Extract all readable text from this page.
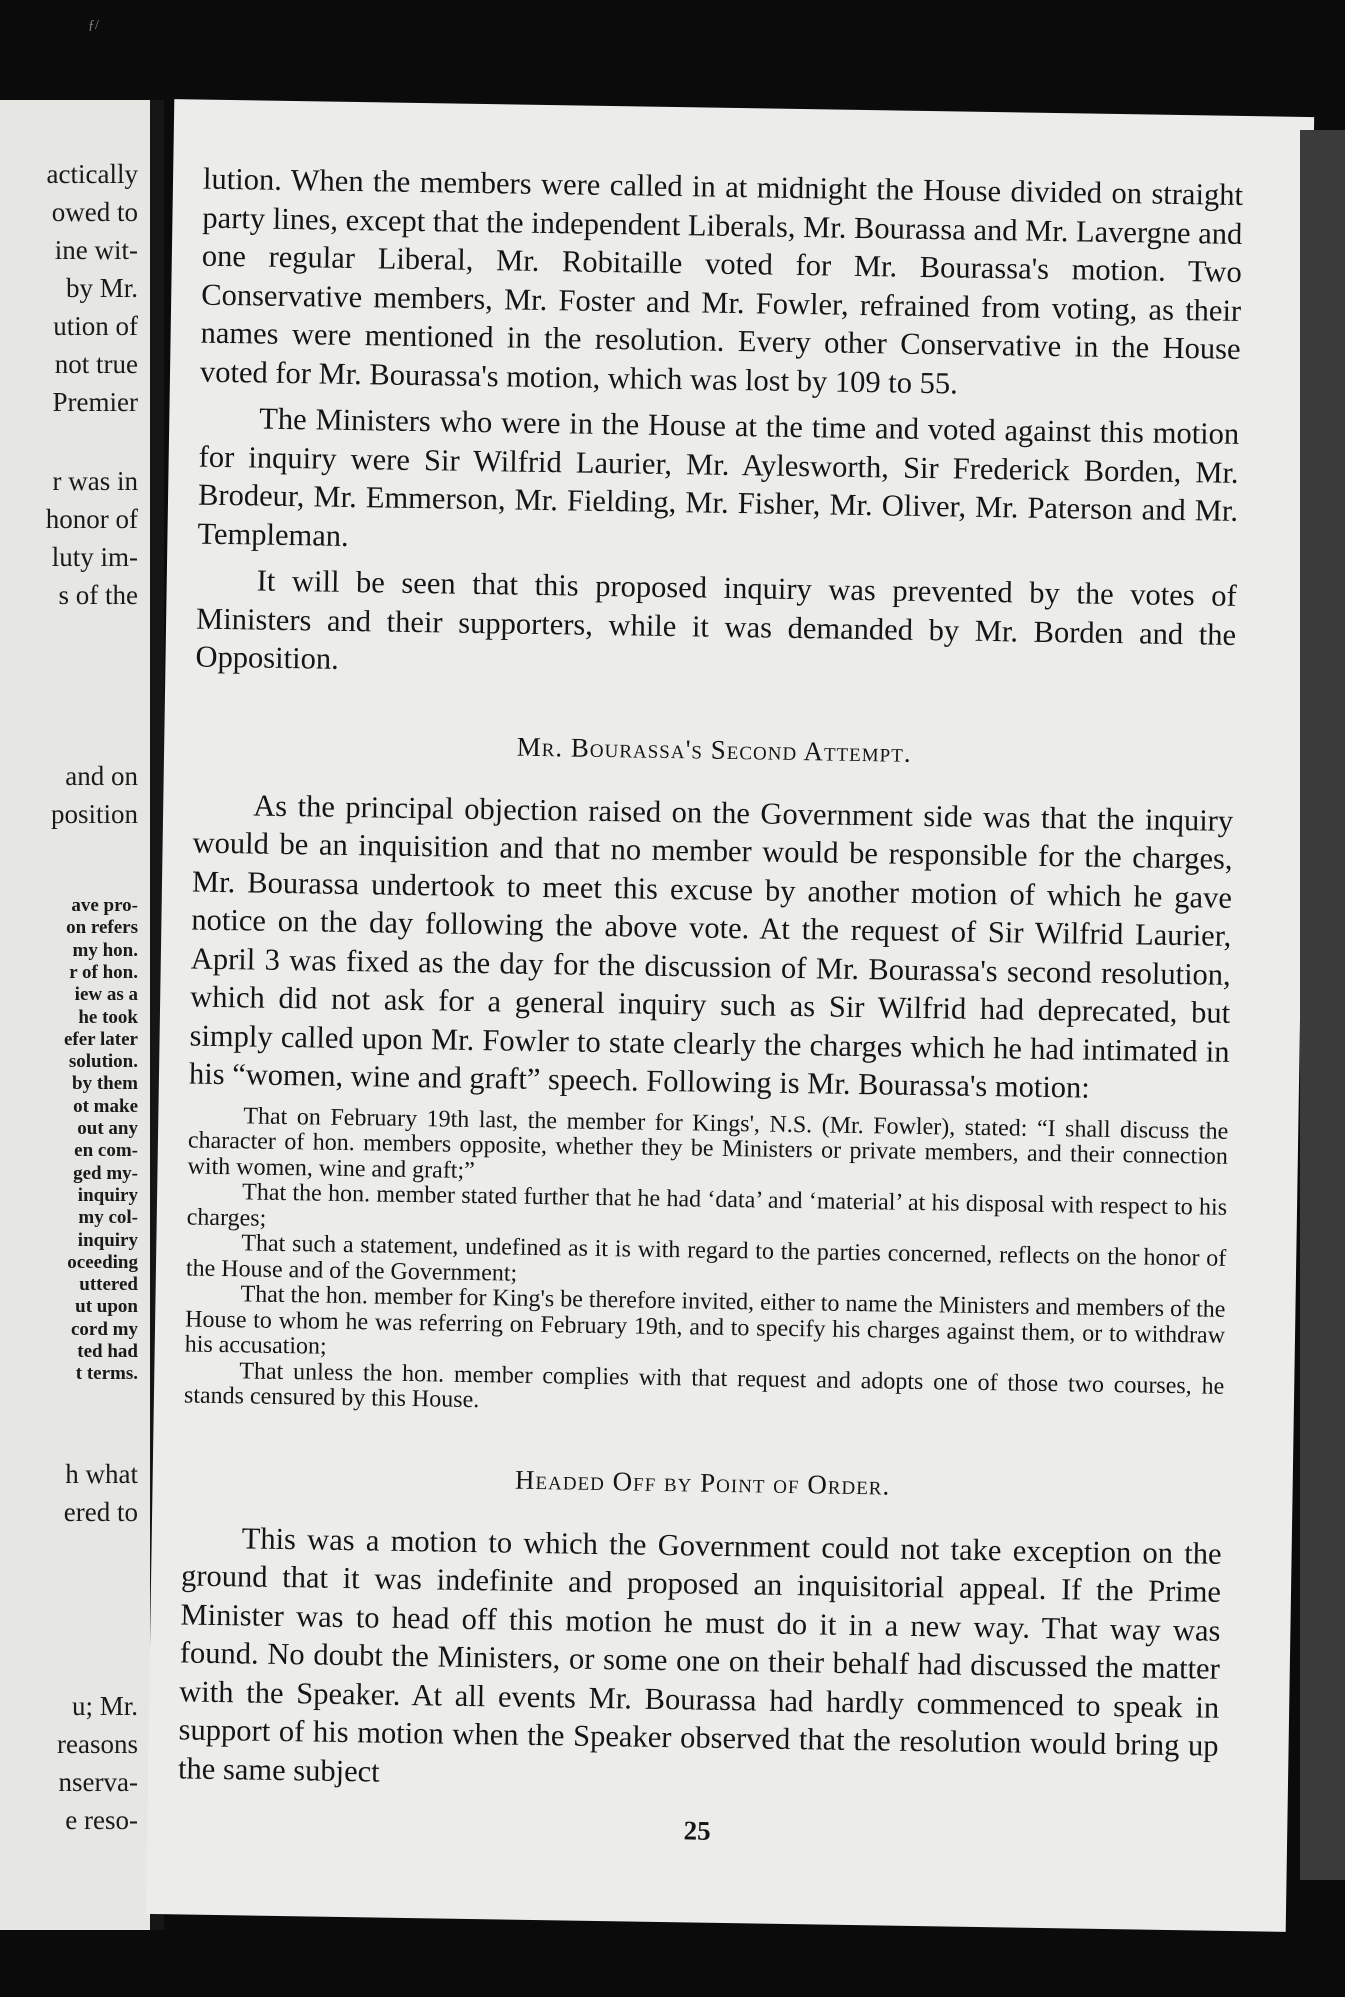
ƒ/
actically
owed to
ine wit-
by Mr.
ution of
not true
Premier
r was in
honor of
luty im-
s of the
and on
position
ave pro-
on refers
my hon.
r of hon.
iew as a
he took
efer later
solution.
by them
ot make
out any
en com-
ged my-
inquiry
my col-
inquiry
oceeding
uttered
ut upon
cord my
ted had
t terms.
h what
ered to
u; Mr.
reasons
nserva-
e reso-

lution. When the members were called in at midnight the House divided on straight party lines, except that the independent Liberals, Mr. Bourassa and Mr. Lavergne and one regular Liberal, Mr. Robitaille voted for Mr. Bourassa's motion. Two Conservative members, Mr. Foster and Mr. Fowler, refrained from voting, as their names were mentioned in the resolution. Every other Conservative in the House voted for Mr. Bourassa's motion, which was lost by 109 to 55.

The Ministers who were in the House at the time and voted against this motion for inquiry were Sir Wilfrid Laurier, Mr. Aylesworth, Sir Frederick Borden, Mr. Brodeur, Mr. Emmerson, Mr. Fielding, Mr. Fisher, Mr. Oliver, Mr. Paterson and Mr. Templeman.

It will be seen that this proposed inquiry was prevented by the votes of Ministers and their supporters, while it was demanded by Mr. Borden and the Opposition.

Mr. Bourassa's Second Attempt.

As the principal objection raised on the Government side was that the inquiry would be an inquisition and that no member would be responsible for the charges, Mr. Bourassa undertook to meet this excuse by another motion of which he gave notice on the day following the above vote. At the request of Sir Wilfrid Laurier, April 3 was fixed as the day for the discussion of Mr. Bourassa's second resolution, which did not ask for a general inquiry such as Sir Wilfrid had deprecated, but simply called upon Mr. Fowler to state clearly the charges which he had intimated in his “women, wine and graft” speech. Following is Mr. Bourassa's motion:

That on February 19th last, the member for Kings', N.S. (Mr. Fowler), stated: “I shall discuss the character of hon. members opposite, whether they be Ministers or private members, and their connection with women, wine and graft;”

That the hon. member stated further that he had ‘data’ and ‘material’ at his disposal with respect to his charges;

That such a statement, undefined as it is with regard to the parties concerned, reflects on the honor of the House and of the Government;

That the hon. member for King's be therefore invited, either to name the Ministers and members of the House to whom he was referring on February 19th, and to specify his charges against them, or to withdraw his accusation;

That unless the hon. member complies with that request and adopts one of those two courses, he stands censured by this House.

Headed Off by Point of Order.

This was a motion to which the Government could not take exception on the ground that it was indefinite and proposed an inquisitorial appeal. If the Prime Minister was to head off this motion he must do it in a new way. That way was found. No doubt the Ministers, or some one on their behalf had discussed the matter with the Speaker. At all events Mr. Bourassa had hardly commenced to speak in support of his motion when the Speaker observed that the resolution would bring up the same subject

25
